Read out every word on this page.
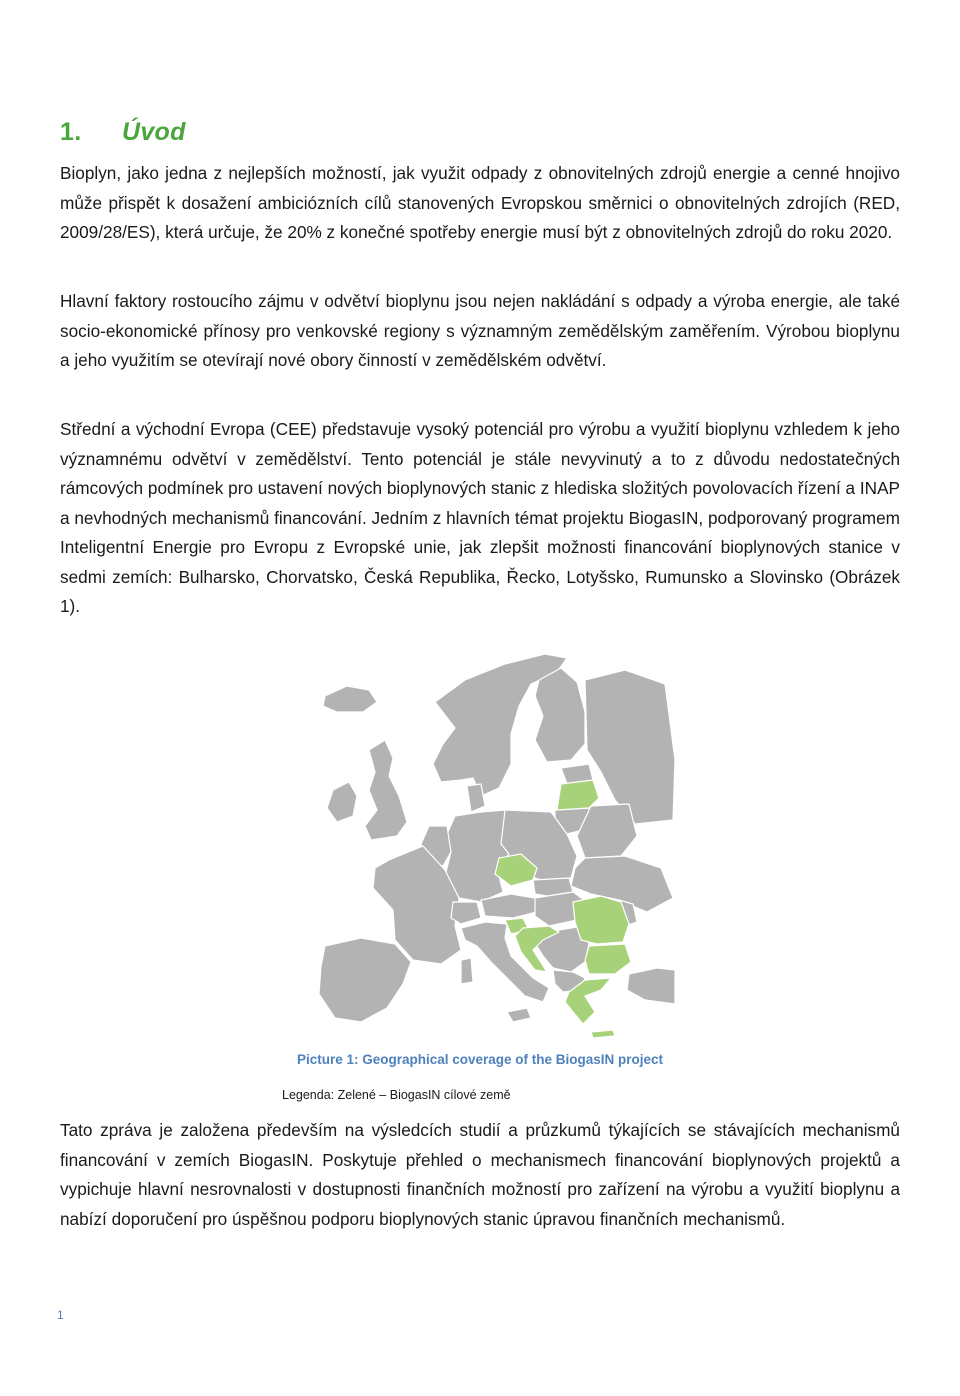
1. Úvod

Bioplyn, jako jedna z nejlepších možností, jak využit odpady z obnovitelných zdrojů energie a cenné hnojivo může přispět k dosažení ambiciózních cílů stanovených Evropskou směrnici o obnovitelných zdrojích (RED, 2009/28/ES), která určuje, že 20% z konečné spotřeby energie musí být z obnovitelných zdrojů do roku 2020.

Hlavní faktory rostoucího zájmu v odvětví bioplynu jsou nejen nakládání s odpady a výroba energie, ale také socio-ekonomické přínosy pro venkovské regiony s významným zemědělským zaměřením. Výrobou bioplynu a jeho využitím se otevírají nové obory činností v zemědělském odvětví.

Střední a východní Evropa (CEE) představuje vysoký potenciál pro výrobu a využití bioplynu vzhledem k jeho významnému odvětví v zemědělství. Tento potenciál je stále nevyvinutý a to z důvodu nedostatečných rámcových podmínek pro ustavení nových bioplynových stanic z hlediska složitých povolovacích řízení a INAP a nevhodných mechanismů financování. Jedním z hlavních témat projektu BiogasIN, podporovaný programem Inteligentní Energie pro Evropu z Evropské unie, jak zlepšit možnosti financování bioplynových stanice v sedmi zemích: Bulharsko, Chorvatsko, Česká Republika, Řecko, Lotyšsko, Rumunsko a Slovinsko (Obrázek 1).

Picture 1: Geographical coverage of the BiogasIN project

Legenda: Zelené – BiogasIN cílové země

Tato zpráva je založena především na výsledcích studií a průzkumů týkajících se stávajících mechanismů financování v zemích BiogasIN. Poskytuje přehled o mechanismech financování bioplynových projektů a vypichuje hlavní nesrovnalosti v dostupnosti finančních možností pro zařízení na výrobu a využití bioplynu a nabízí doporučení pro úspěšnou podporu bioplynových stanic úpravou finančních mechanismů.

1
